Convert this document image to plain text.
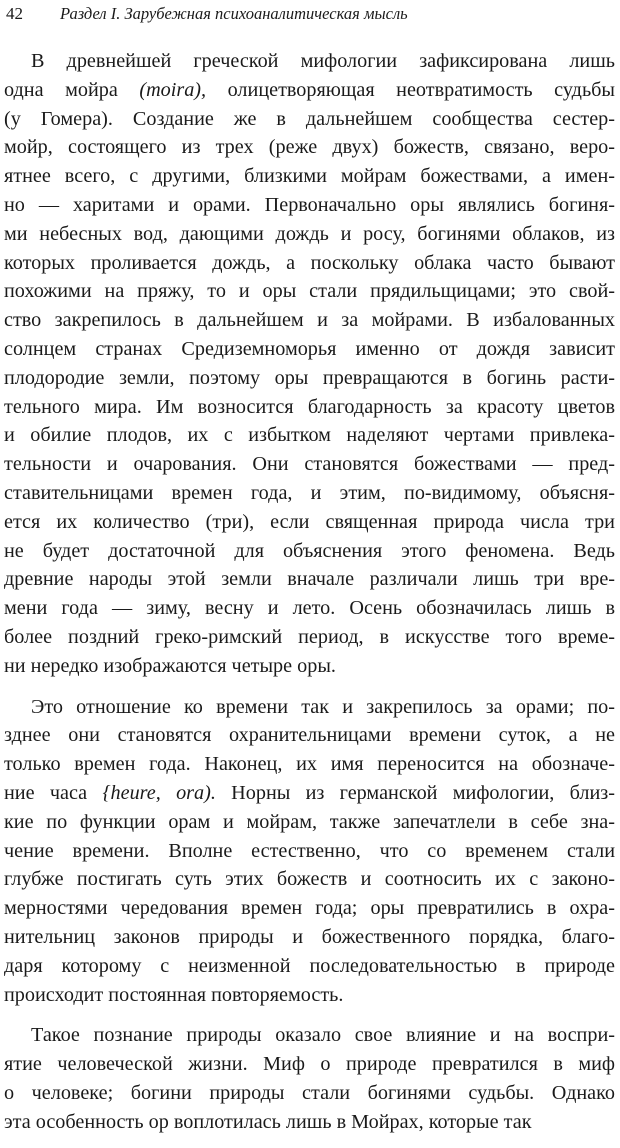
42 Раздел I. Зарубежная психоаналитическая мысль
В древнейшей греческой мифологии зафиксирована лишь
одна мойра (moira), олицетворяющая неотвратимость судьбы
(у Гомера). Создание же в дальнейшем сообщества сестер-
мойр, состоящего из трех (реже двух) божеств, связано, веро-
ятнее всего, с другими, близкими мойрам божествами, а имен-
но — харитами и орами. Первоначально оры являлись богиня-
ми небесных вод, дающими дождь и росу, богинями облаков, из
которых проливается дождь, а поскольку облака часто бывают
похожими на пряжу, то и оры стали прядильщицами; это свой-
ство закрепилось в дальнейшем и за мойрами. В избалованных
солнцем странах Средиземноморья именно от дождя зависит
плодородие земли, поэтому оры превращаются в богинь расти-
тельного мира. Им возносится благодарность за красоту цветов
и обилие плодов, их с избытком наделяют чертами привлека-
тельности и очарования. Они становятся божествами — пред-
ставительницами времен года, и этим, по-видимому, объясня-
ется их количество (три), если священная природа числа три
не будет достаточной для объяснения этого феномена. Ведь
древние народы этой земли вначале различали лишь три вре-
мени года — зиму, весну и лето. Осень обозначилась лишь в
более поздний греко-римский период, в искусстве того време-
ни нередко изображаются четыре оры.
Это отношение ко времени так и закрепилось за орами; по-
зднее они становятся охранительницами времени суток, а не
только времен года. Наконец, их имя переносится на обозначе-
ние часа {heure, ora). Норны из германской мифологии, близ-
кие по функции орам и мойрам, также запечатлели в себе зна-
чение времени. Вполне естественно, что со временем стали
глубже постигать суть этих божеств и соотносить их с законо-
мерностями чередования времен года; оры превратились в охра-
нительниц законов природы и божественного порядка, благо-
даря которому с неизменной последовательностью в природе
происходит постоянная повторяемость.
Такое познание природы оказало свое влияние и на воспри-
ятие человеческой жизни. Миф о природе превратился в миф
о человеке; богини природы стали богинями судьбы. Однако
эта особенность ор воплотилась лишь в Мойрах, которые так
